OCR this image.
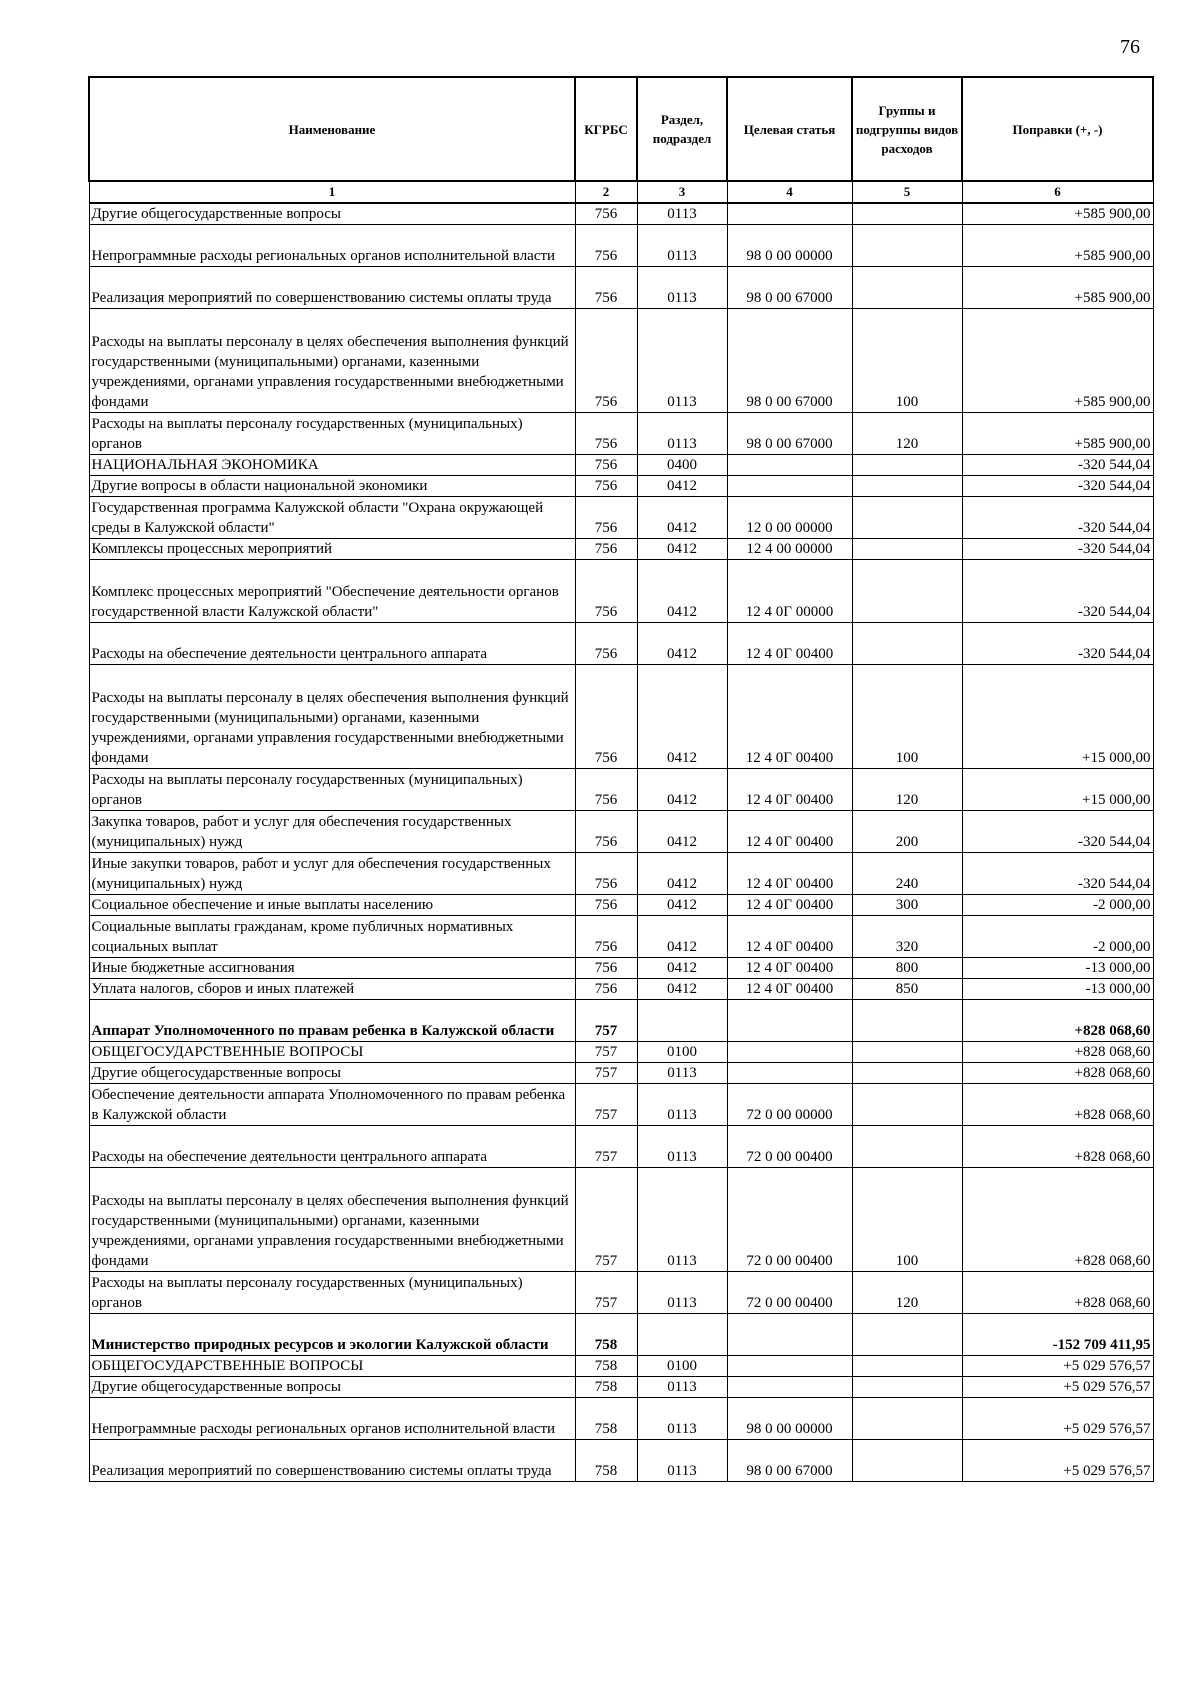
76
Наименование	КГРБС	Раздел, подраздел	Целевая статья	Группы и подгруппы видов расходов	Поправки (+, -)
1	2	3	4	5	6
Другие общегосударственные вопросы	756	0113			+585 900,00
Непрограммные расходы региональных органов исполнительной власти	756	0113	98 0 00 00000		+585 900,00
Реализация мероприятий по совершенствованию системы оплаты труда	756	0113	98 0 00 67000		+585 900,00
Расходы на выплаты персоналу в целях обеспечения выполнения функций государственными (муниципальными) органами, казенными учреждениями, органами управления государственными внебюджетными фондами	756	0113	98 0 00 67000	100	+585 900,00
Расходы на выплаты персоналу государственных (муниципальных) органов	756	0113	98 0 00 67000	120	+585 900,00
НАЦИОНАЛЬНАЯ ЭКОНОМИКА	756	0400			-320 544,04
Другие вопросы в области национальной экономики	756	0412			-320 544,04
Государственная программа Калужской области "Охрана окружающей среды в Калужской области"	756	0412	12 0 00 00000		-320 544,04
Комплексы процессных мероприятий	756	0412	12 4 00 00000		-320 544,04
Комплекс процессных мероприятий "Обеспечение деятельности органов государственной власти Калужской области"	756	0412	12 4 0Г 00000		-320 544,04
Расходы на обеспечение деятельности центрального аппарата	756	0412	12 4 0Г 00400		-320 544,04
Расходы на выплаты персоналу в целях обеспечения выполнения функций государственными (муниципальными) органами, казенными учреждениями, органами управления государственными внебюджетными фондами	756	0412	12 4 0Г 00400	100	+15 000,00
Расходы на выплаты персоналу государственных (муниципальных) органов	756	0412	12 4 0Г 00400	120	+15 000,00
Закупка товаров, работ и услуг для обеспечения государственных (муниципальных) нужд	756	0412	12 4 0Г 00400	200	-320 544,04
Иные закупки товаров, работ и услуг для обеспечения государственных (муниципальных) нужд	756	0412	12 4 0Г 00400	240	-320 544,04
Социальное обеспечение и иные выплаты населению	756	0412	12 4 0Г 00400	300	-2 000,00
Социальные выплаты гражданам, кроме публичных нормативных социальных выплат	756	0412	12 4 0Г 00400	320	-2 000,00
Иные бюджетные ассигнования	756	0412	12 4 0Г 00400	800	-13 000,00
Уплата налогов, сборов и иных платежей	756	0412	12 4 0Г 00400	850	-13 000,00
Аппарат Уполномоченного по правам ребенка в Калужской области	757				+828 068,60
ОБЩЕГОСУДАРСТВЕННЫЕ ВОПРОСЫ	757	0100			+828 068,60
Другие общегосударственные вопросы	757	0113			+828 068,60
Обеспечение деятельности аппарата Уполномоченного по правам ребенка в Калужской области	757	0113	72 0 00 00000		+828 068,60
Расходы на обеспечение деятельности центрального аппарата	757	0113	72 0 00 00400		+828 068,60
Расходы на выплаты персоналу в целях обеспечения выполнения функций государственными (муниципальными) органами, казенными учреждениями, органами управления государственными внебюджетными фондами	757	0113	72 0 00 00400	100	+828 068,60
Расходы на выплаты персоналу государственных (муниципальных) органов	757	0113	72 0 00 00400	120	+828 068,60
Министерство природных ресурсов и экологии Калужской области	758				-152 709 411,95
ОБЩЕГОСУДАРСТВЕННЫЕ ВОПРОСЫ	758	0100			+5 029 576,57
Другие общегосударственные вопросы	758	0113			+5 029 576,57
Непрограммные расходы региональных органов исполнительной власти	758	0113	98 0 00 00000		+5 029 576,57
Реализация мероприятий по совершенствованию системы оплаты труда	758	0113	98 0 00 67000		+5 029 576,57
